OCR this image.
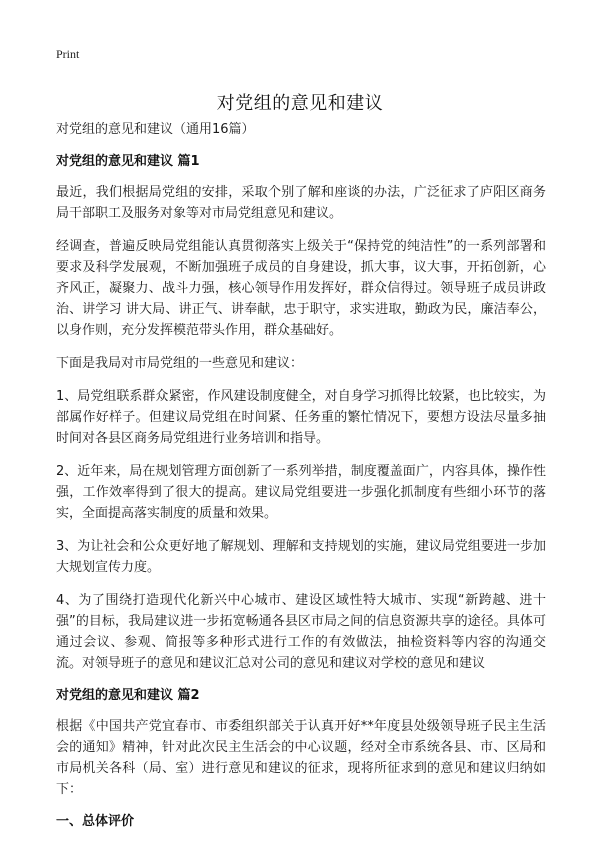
Print
对党组的意见和建议
对党组的意见和建议（通用16篇）
对党组的意见和建议 篇1

最近，我们根据局党组的安排，采取个别了解和座谈的办法，广泛征求了庐阳区商务局干部职工及服务对象等对市局党组意见和建议。

经调查，普遍反映局党组能认真贯彻落实上级关于“保持党的纯洁性”的一系列部署和要求及科学发展观，不断加强班子成员的自身建设，抓大事，议大事，开拓创新，心齐风正，凝聚力、战斗力强，核心领导作用发挥好，群众信得过。领导班子成员讲政治、讲学习 讲大局、讲正气、讲奉献，忠于职守，求实进取，勤政为民，廉洁奉公，以身作则，充分发挥模范带头作用，群众基础好。

下面是我局对市局党组的一些意见和建议：

1、局党组联系群众紧密，作风建设制度健全，对自身学习抓得比较紧，也比较实，为部属作好样子。但建议局党组在时间紧、任务重的繁忙情况下，要想方设法尽量多抽时间对各县区商务局党组进行业务培训和指导。

2、近年来，局在规划管理方面创新了一系列举措，制度覆盖面广，内容具体，操作性强，工作效率得到了很大的提高。建议局党组要进一步强化抓制度有些细小环节的落实，全面提高落实制度的质量和效果。

3、为让社会和公众更好地了解规划、理解和支持规划的实施，建议局党组要进一步加大规划宣传力度。

4、为了围绕打造现代化新兴中心城市、建设区域性特大城市、实现“新跨越、进十强”的目标，我局建议进一步拓宽畅通各县区市局之间的信息资源共享的途径。具体可通过会议、参观、简报等多种形式进行工作的有效做法，抽检资料等内容的沟通交流。对领导班子的意见和建议汇总对公司的意见和建议对学校的意见和建议

对党组的意见和建议 篇2

根据《中国共产党宜春市、市委组织部关于认真开好**年度县处级领导班子民主生活会的通知》精神，针对此次民主生活会的中心议题，经对全市系统各县、市、区局和市局机关各科（局、室）进行意见和建议的征求，现将所征求到的意见和建议归纳如下：

一、总体评价
